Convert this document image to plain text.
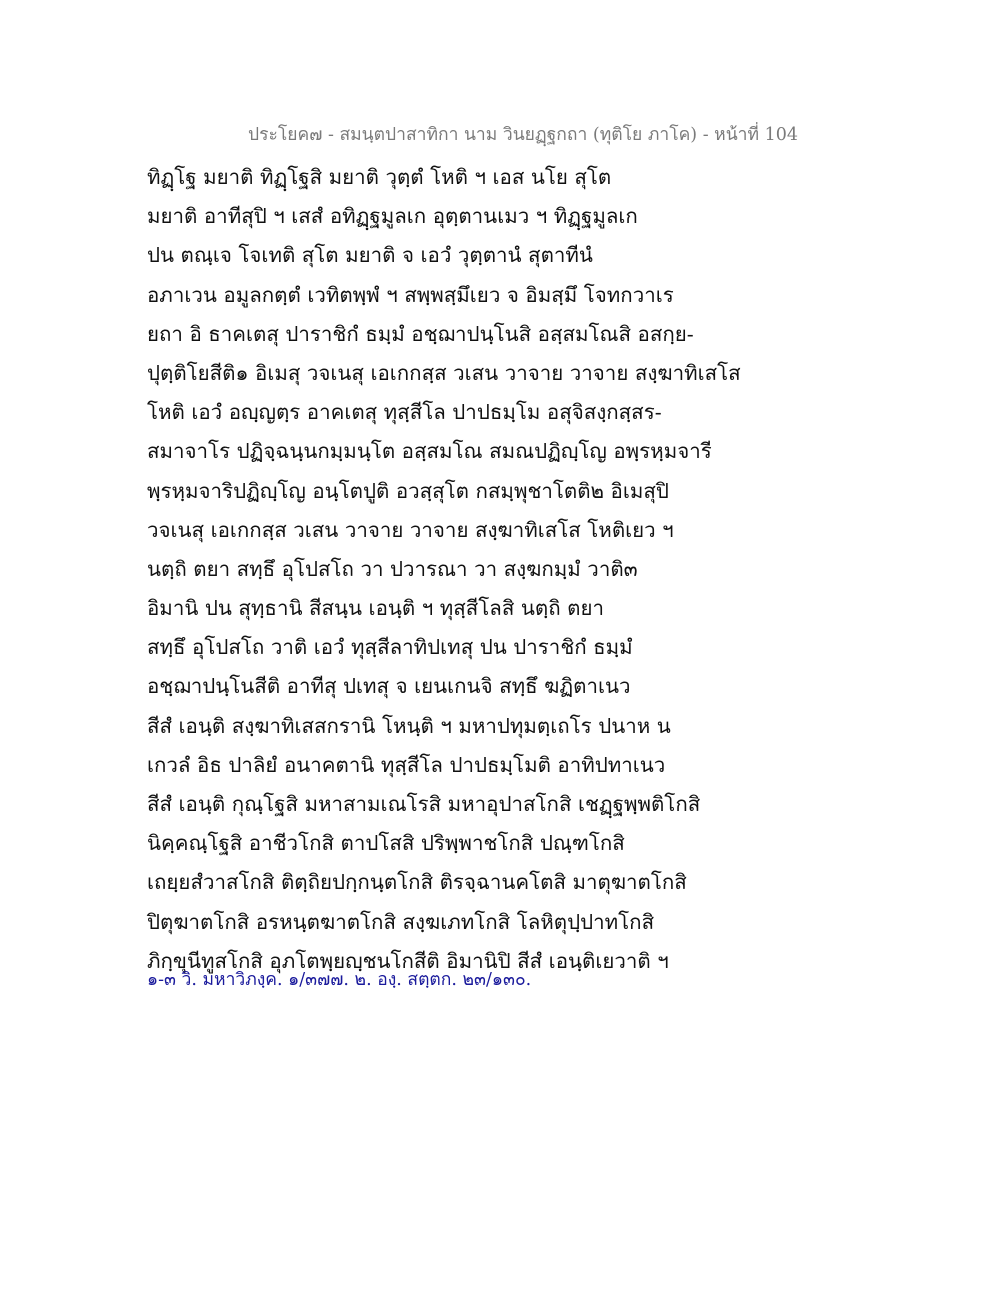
ประโยค๗ - สมนฺตปาสาทิกา นาม วินยฏฺฐกถา (ทุติโย ภาโค) - หน้าที่ 104
ทิฏฺโฐ มยาติ ทิฏฺโฐสิ มยาติ วุตฺตํ โหติ ฯ เอส นโย สุโต
มยาติ อาทีสุปิ ฯ เสสํ อทิฏฺฐมูลเก อุตฺตานเมว ฯ ทิฏฺฐมูลเก
ปน ตณฺเจ โจเทติ สุโต มยาติ จ เอวํ วุตฺตานํ สุตาทีนํ
อภาเวน อมูลกตฺตํ เวทิตพฺพํ ฯ สพฺพสฺมึเยว จ อิมสฺมึ โจทกวาเร
ยถา อิ ธาคเตสุ ปาราชิกํ ธมฺมํ อชฺฌาปนฺโนสิ อสฺสมโณสิ อสกฺย-
ปุตฺติโยสีติ๑ อิเมสุ วจเนสุ เอเกกสฺส วเสน วาจาย วาจาย สงฺฆาทิเสโส
โหติ เอวํ อญฺญตฺร อาคเตสุ ทุสฺสีโล ปาปธมฺโม อสุจิสงฺกสฺสร-
สมาจาโร ปฏิจฺฉนฺนกมฺมนฺโต อสฺสมโณ สมณปฏิญฺโญ อพฺรหฺมจารี
พฺรหฺมจาริปฏิญฺโญ อนฺโตปูติ อวสฺสุโต กสมฺพุชาโตติ๒ อิเมสุปิ
วจเนสุ เอเกกสฺส วเสน วาจาย วาจาย สงฺฆาทิเสโส โหติเยว ฯ
นตฺถิ ตยา สทฺธึ อุโปสโถ วา ปวารณา วา สงฺฆกมฺมํ วาติ๓
อิมานิ ปน สุทฺธานิ สีสนฺน เอนฺติ ฯ ทุสฺสีโลสิ นตฺถิ ตยา
สทฺธึ อุโปสโถ วาติ เอวํ ทุสฺสีลาทิปเทสุ ปน ปาราชิกํ ธมฺมํ
อชฺฌาปนฺโนสีติ อาทีสุ ปเทสุ จ เยนเกนจิ สทฺธึ ฆฏิตาเนว
สีสํ เอนฺติ สงฺฆาทิเสสกรานิ โหนฺติ ฯ มหาปทุมตฺเถโร ปนาห น
เกวลํ อิธ ปาลิยํ อนาคตานิ ทุสฺสีโล ปาปธมฺโมติ อาทิปทาเนว
สีสํ เอนฺติ กุณฺโฐสิ มหาสามเณโรสิ มหาอุปาสโกสิ เชฏฺฐพฺพติโกสิ
นิคฺคณฺโฐสิ อาชีวโกสิ ตาปโสสิ ปริพฺพาชโกสิ ปณฺฑโกสิ
เถยฺยสํวาสโกสิ ติตฺถิยปกฺกนฺตโกสิ ติรจฺฉานคโตสิ มาตุฆาตโกสิ
ปิตุฆาตโกสิ อรหนฺตฆาตโกสิ สงฺฆเภทโกสิ โลหิตุปฺปาทโกสิ
ภิกฺขุนีทูสโกสิ อุภโตพฺยญฺชนโกสีติ อิมานิปิ สีสํ เอนฺติเยวาติ ฯ
๑-๓ วิ. มหาวิภงฺค. ๑/๓๗๗. ๒. องฺ. สตฺตก. ๒๓/๑๓๐.
